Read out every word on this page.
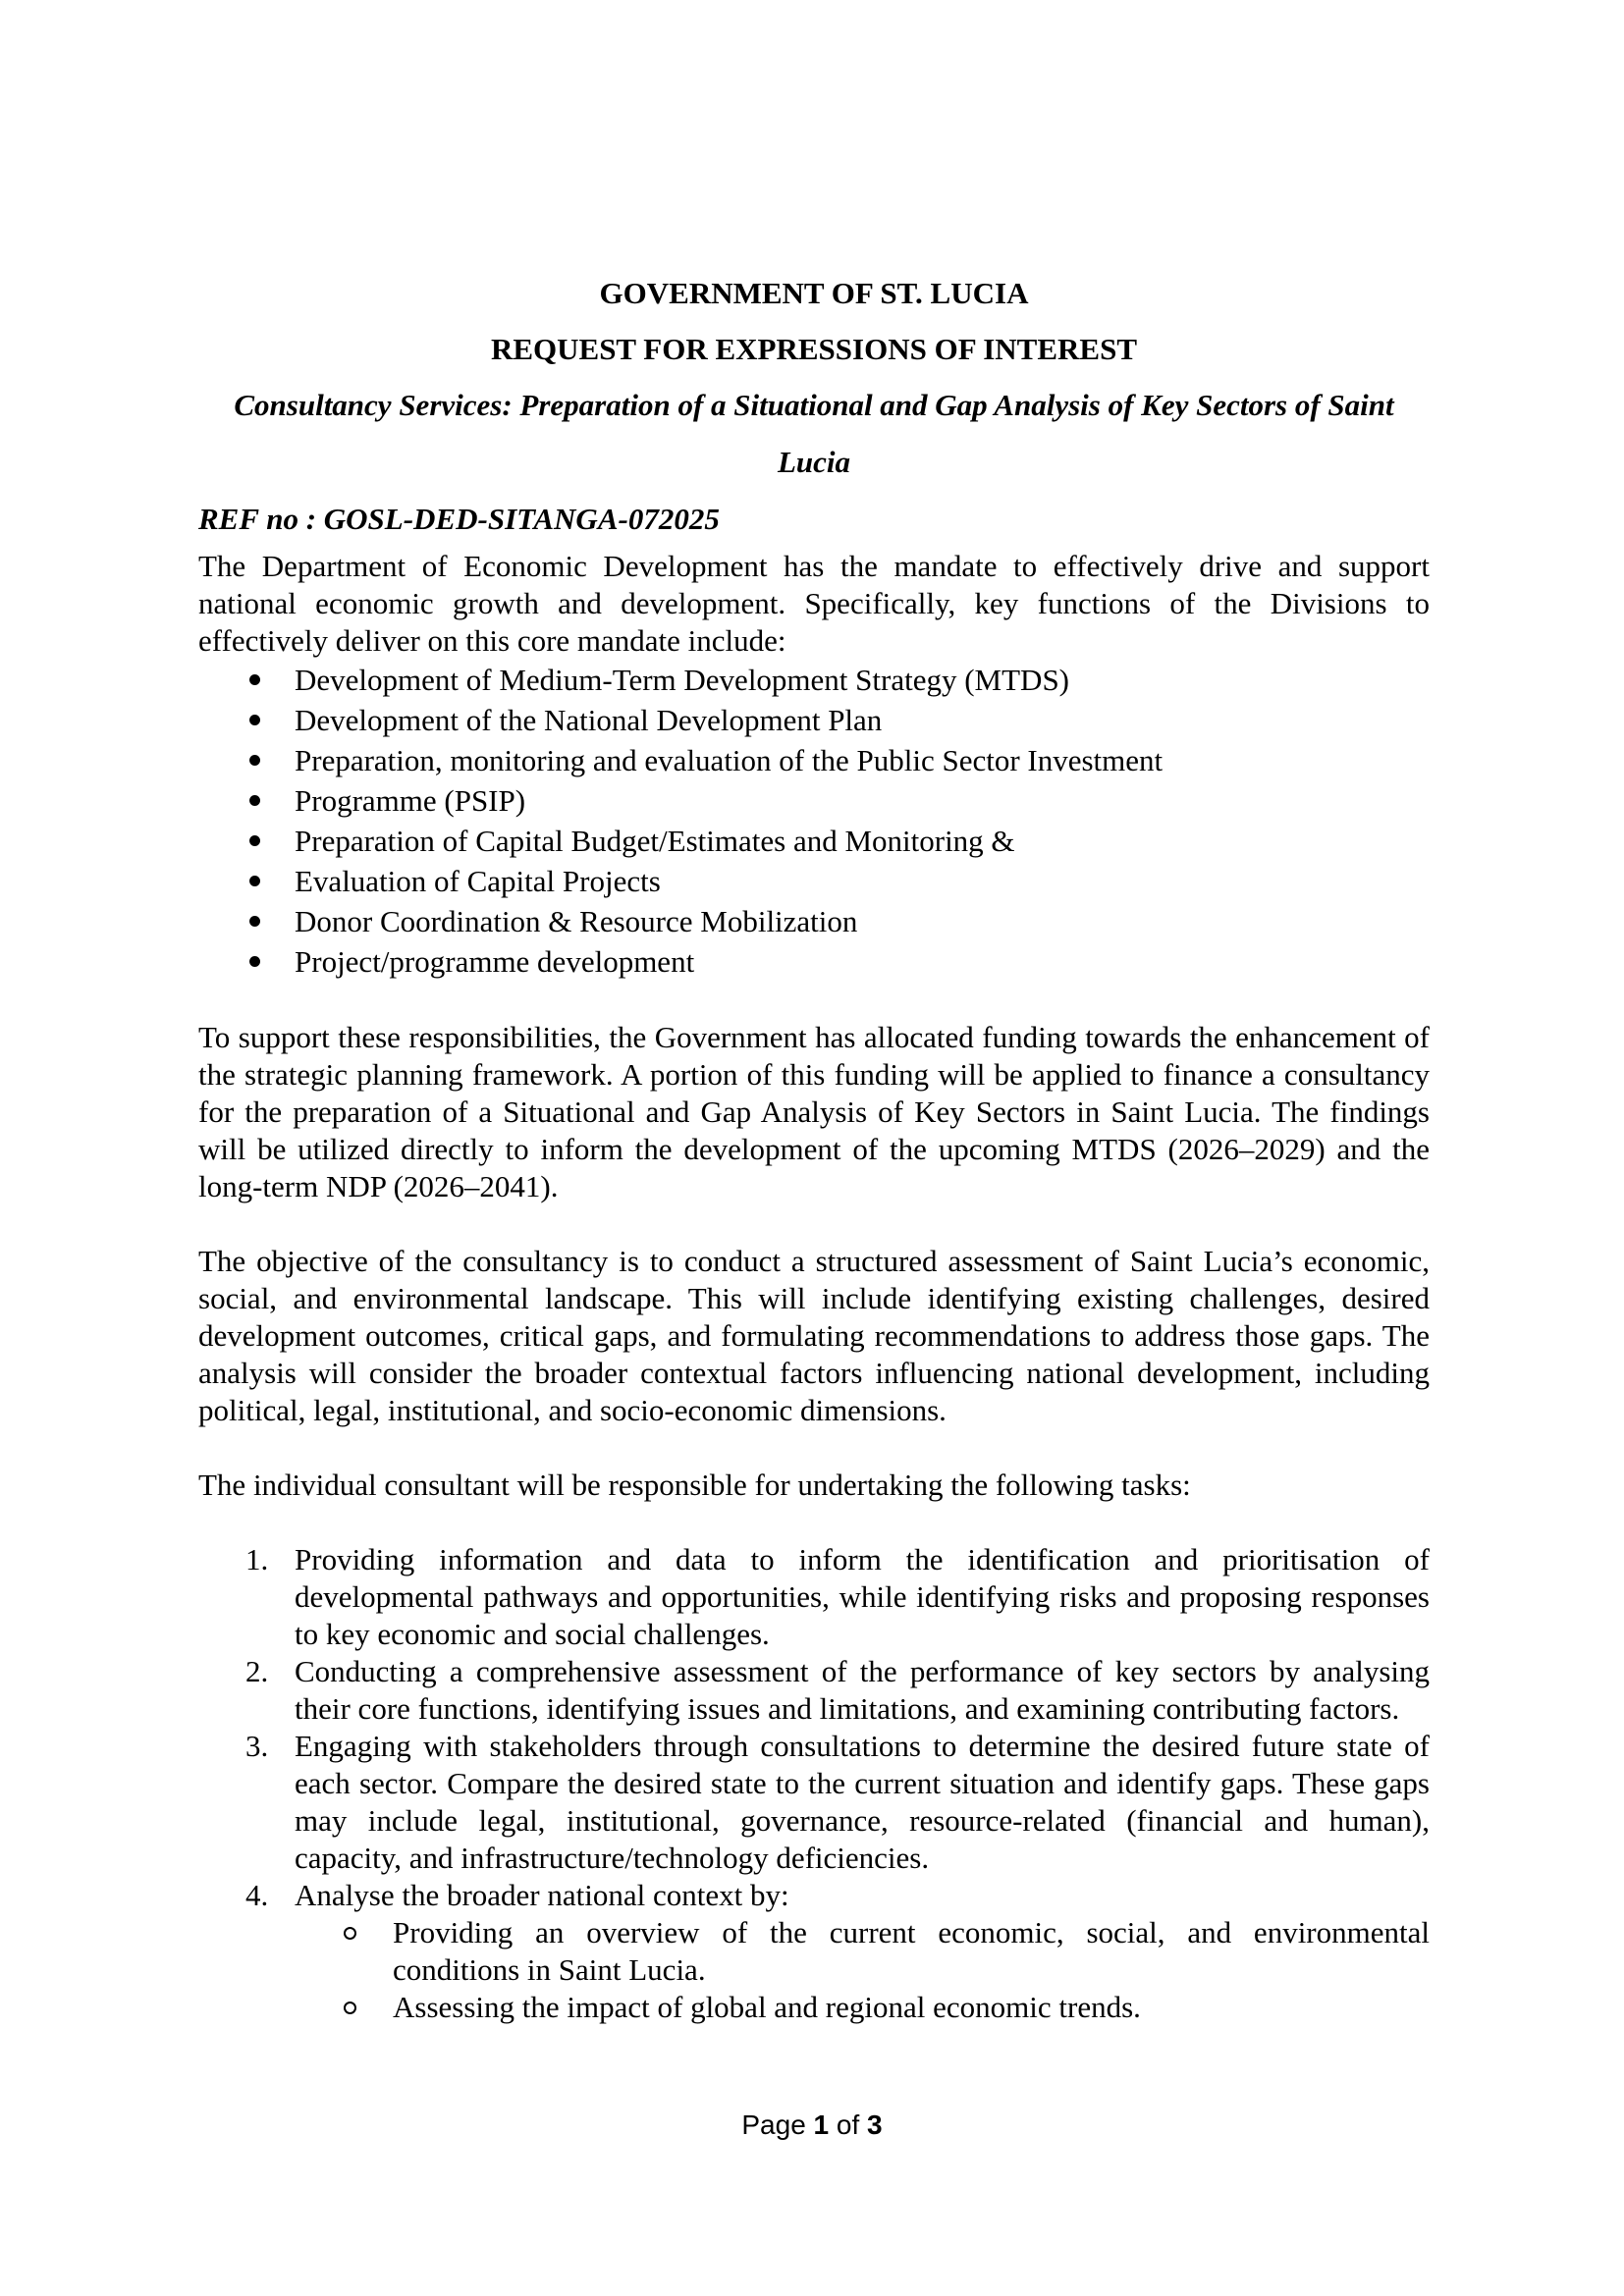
GOVERNMENT OF ST. LUCIA

REQUEST FOR EXPRESSIONS OF INTEREST

Consultancy Services: Preparation of a Situational and Gap Analysis of Key Sectors of Saint Lucia

REF no : GOSL-DED-SITANGA-072025

The Department of Economic Development has the mandate to effectively drive and support national economic growth and development. Specifically, key functions of the Divisions to effectively deliver on this core mandate include:

Development of Medium-Term Development Strategy (MTDS)
Development of the National Development Plan
Preparation, monitoring and evaluation of the Public Sector Investment
Programme (PSIP)
Preparation of Capital Budget/Estimates and Monitoring &
Evaluation of Capital Projects
Donor Coordination & Resource Mobilization
Project/programme development

To support these responsibilities, the Government has allocated funding towards the enhancement of the strategic planning framework. A portion of this funding will be applied to finance a consultancy for the preparation of a Situational and Gap Analysis of Key Sectors in Saint Lucia. The findings will be utilized directly to inform the development of the upcoming MTDS (2026–2029) and the long-term NDP (2026–2041).

The objective of the consultancy is to conduct a structured assessment of Saint Lucia’s economic, social, and environmental landscape. This will include identifying existing challenges, desired development outcomes, critical gaps, and formulating recommendations to address those gaps. The analysis will consider the broader contextual factors influencing national development, including political, legal, institutional, and socio-economic dimensions.

The individual consultant will be responsible for undertaking the following tasks:

1. Providing information and data to inform the identification and prioritisation of developmental pathways and opportunities, while identifying risks and proposing responses to key economic and social challenges.
2. Conducting a comprehensive assessment of the performance of key sectors by analysing their core functions, identifying issues and limitations, and examining contributing factors.
3. Engaging with stakeholders through consultations to determine the desired future state of each sector. Compare the desired state to the current situation and identify gaps. These gaps may include legal, institutional, governance, resource-related (financial and human), capacity, and infrastructure/technology deficiencies.
4. Analyse the broader national context by:
Providing an overview of the current economic, social, and environmental conditions in Saint Lucia.
Assessing the impact of global and regional economic trends.
Page 1 of 3
